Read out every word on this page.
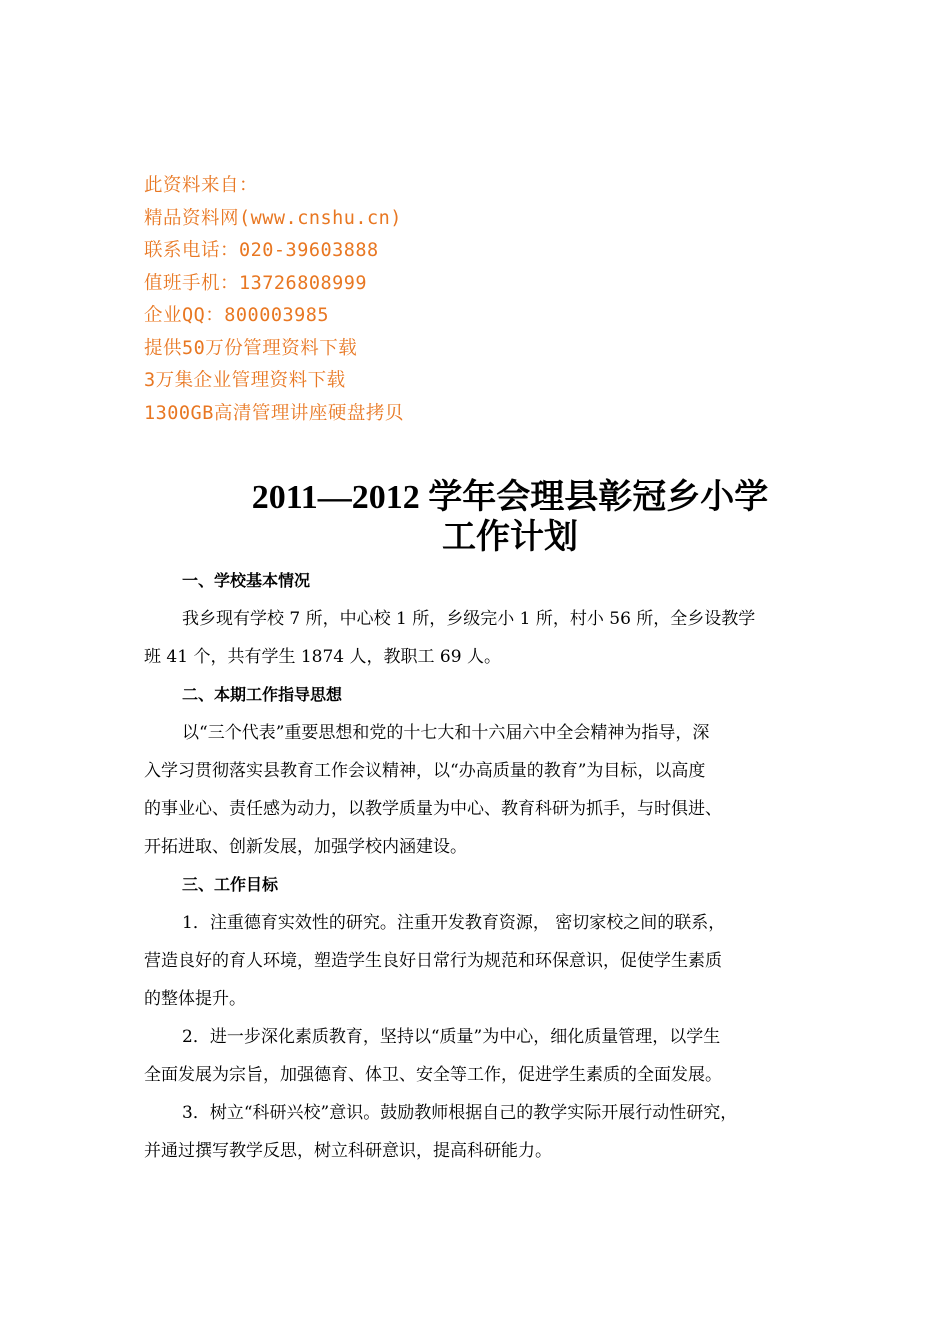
此资料来自：
精品资料网(www.cnshu.cn)
联系电话：020-39603888
值班手机：13726808999
企业QQ：800003985
提供50万份管理资料下载
3万集企业管理资料下载
1300GB高清管理讲座硬盘拷贝
2011—2012 学年会理县彰冠乡小学
工作计划
一、学校基本情况
我乡现有学校 7 所，中心校 1 所，乡级完小 1 所，村小 56 所，全乡设教学
班 41 个，共有学生 1874 人，教职工 69 人。
二、本期工作指导思想
以“三个代表”重要思想和党的十七大和十六届六中全会精神为指导，深
入学习贯彻落实县教育工作会议精神，以“办高质量的教育”为目标，以高度
的事业心、责任感为动力，以教学质量为中心、教育科研为抓手，与时俱进、
开拓进取、创新发展，加强学校内涵建设。
三、工作目标
1．注重德育实效性的研究。注重开发教育资源， 密切家校之间的联系，
营造良好的育人环境，塑造学生良好日常行为规范和环保意识，促使学生素质
的整体提升。
2．进一步深化素质教育，坚持以“质量”为中心，细化质量管理，以学生
全面发展为宗旨，加强德育、体卫、安全等工作，促进学生素质的全面发展。
3．树立“科研兴校”意识。鼓励教师根据自己的教学实际开展行动性研究，
并通过撰写教学反思，树立科研意识，提高科研能力。
